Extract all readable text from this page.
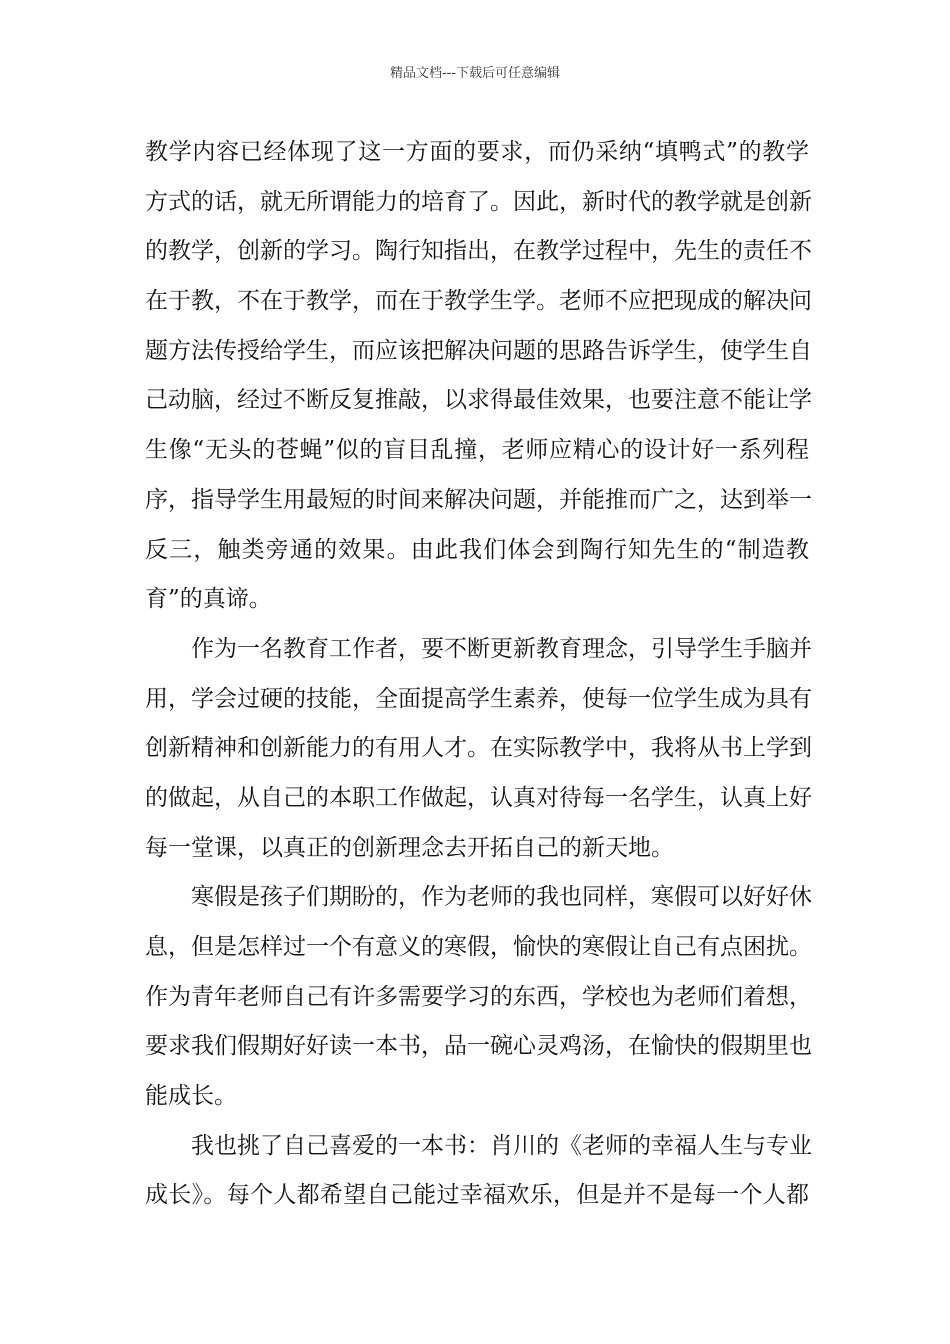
精品文档---下载后可任意编辑
教学内容已经体现了这一方面的要求，而仍采纳“填鸭式”的教学
方式的话，就无所谓能力的培育了。因此，新时代的教学就是创新
的教学，创新的学习。陶行知指出，在教学过程中，先生的责任不
在于教，不在于教学，而在于教学生学。老师不应把现成的解决问
题方法传授给学生，而应该把解决问题的思路告诉学生，使学生自
己动脑，经过不断反复推敲，以求得最佳效果，也要注意不能让学
生像“无头的苍蝇”似的盲目乱撞，老师应精心的设计好一系列程
序，指导学生用最短的时间来解决问题，并能推而广之，达到举一
反三，触类旁通的效果。由此我们体会到陶行知先生的“制造教
育”的真谛。
作为一名教育工作者，要不断更新教育理念，引导学生手脑并
用，学会过硬的技能，全面提高学生素养，使每一位学生成为具有
创新精神和创新能力的有用人才。在实际教学中，我将从书上学到
的做起，从自己的本职工作做起，认真对待每一名学生，认真上好
每一堂课，以真正的创新理念去开拓自己的新天地。
寒假是孩子们期盼的，作为老师的我也同样，寒假可以好好休
息，但是怎样过一个有意义的寒假，愉快的寒假让自己有点困扰。
作为青年老师自己有许多需要学习的东西，学校也为老师们着想，
要求我们假期好好读一本书，品一碗心灵鸡汤，在愉快的假期里也
能成长。
我也挑了自己喜爱的一本书：肖川的《老师的幸福人生与专业
成长》。每个人都希望自己能过幸福欢乐，但是并不是每一个人都
